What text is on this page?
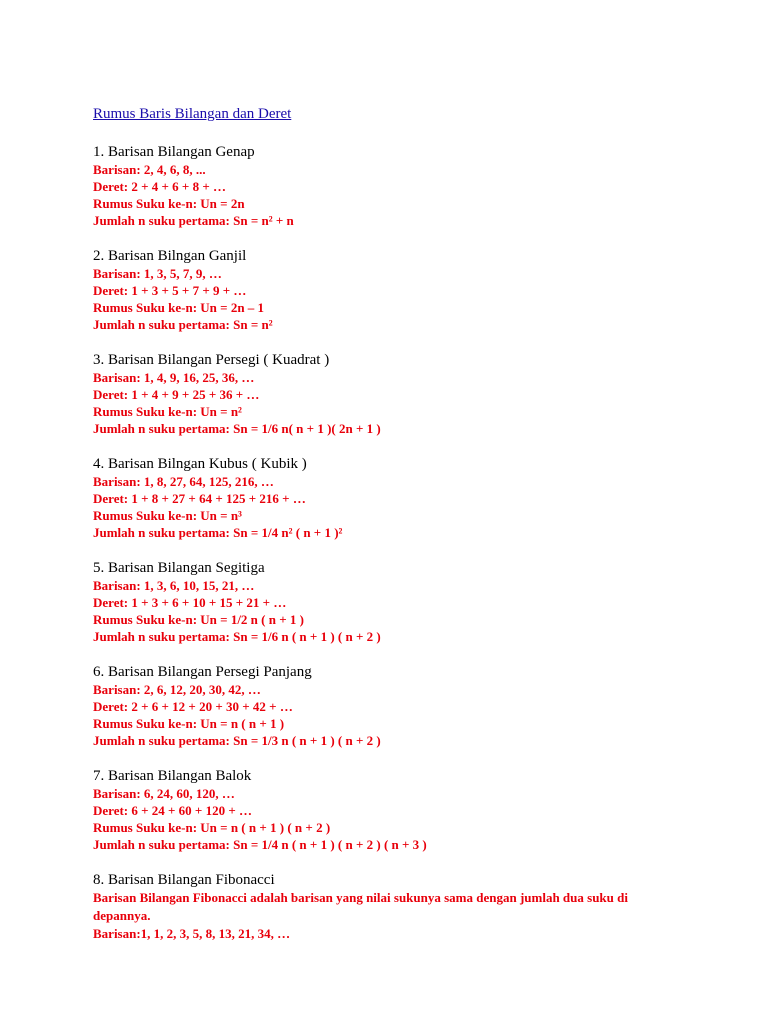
Rumus Baris Bilangan dan Deret
1. Barisan Bilangan Genap
Barisan: 2, 4, 6, 8, ...
Deret: 2 + 4 + 6 + 8 + …
Rumus Suku ke-n: Un = 2n
Jumlah n suku pertama: Sn = n² + n
2. Barisan Bilngan Ganjil
Barisan: 1, 3, 5, 7, 9, …
Deret: 1 + 3 + 5 + 7 + 9 + …
Rumus Suku ke-n: Un = 2n – 1
Jumlah n suku pertama: Sn = n²
3. Barisan Bilangan Persegi ( Kuadrat )
Barisan: 1, 4, 9, 16, 25, 36, …
Deret: 1 + 4 + 9 + 25 + 36 + …
Rumus Suku ke-n: Un = n²
Jumlah n suku pertama: Sn = 1/6 n( n + 1 )( 2n + 1 )
4. Barisan Bilngan Kubus ( Kubik )
Barisan: 1, 8, 27, 64, 125, 216, …
Deret: 1 + 8 + 27 + 64 + 125 + 216 + …
Rumus Suku ke-n: Un = n³
Jumlah n suku pertama: Sn = 1/4 n² ( n + 1 )²
5. Barisan Bilangan Segitiga
Barisan: 1, 3, 6, 10, 15, 21, …
Deret: 1 + 3 + 6 + 10 + 15 + 21 + …
Rumus Suku ke-n: Un = 1/2 n ( n + 1 )
Jumlah n suku pertama: Sn = 1/6 n ( n + 1 ) ( n + 2 )
6. Barisan Bilangan Persegi Panjang
Barisan: 2, 6, 12, 20, 30, 42, …
Deret: 2 + 6 + 12 + 20 + 30 + 42 + …
Rumus Suku ke-n: Un = n ( n + 1 )
Jumlah n suku pertama: Sn = 1/3 n ( n + 1 ) ( n + 2 )
7. Barisan Bilangan Balok
Barisan: 6, 24, 60, 120, …
Deret: 6 + 24 + 60 + 120 + …
Rumus Suku ke-n: Un = n ( n + 1 ) ( n + 2 )
Jumlah n suku pertama: Sn = 1/4 n ( n + 1 ) ( n + 2 ) ( n + 3 )
8. Barisan Bilangan Fibonacci
Barisan Bilangan Fibonacci adalah barisan yang nilai sukunya sama dengan jumlah dua suku di depannya.
Barisan:1, 1, 2, 3, 5, 8, 13, 21, 34, …
